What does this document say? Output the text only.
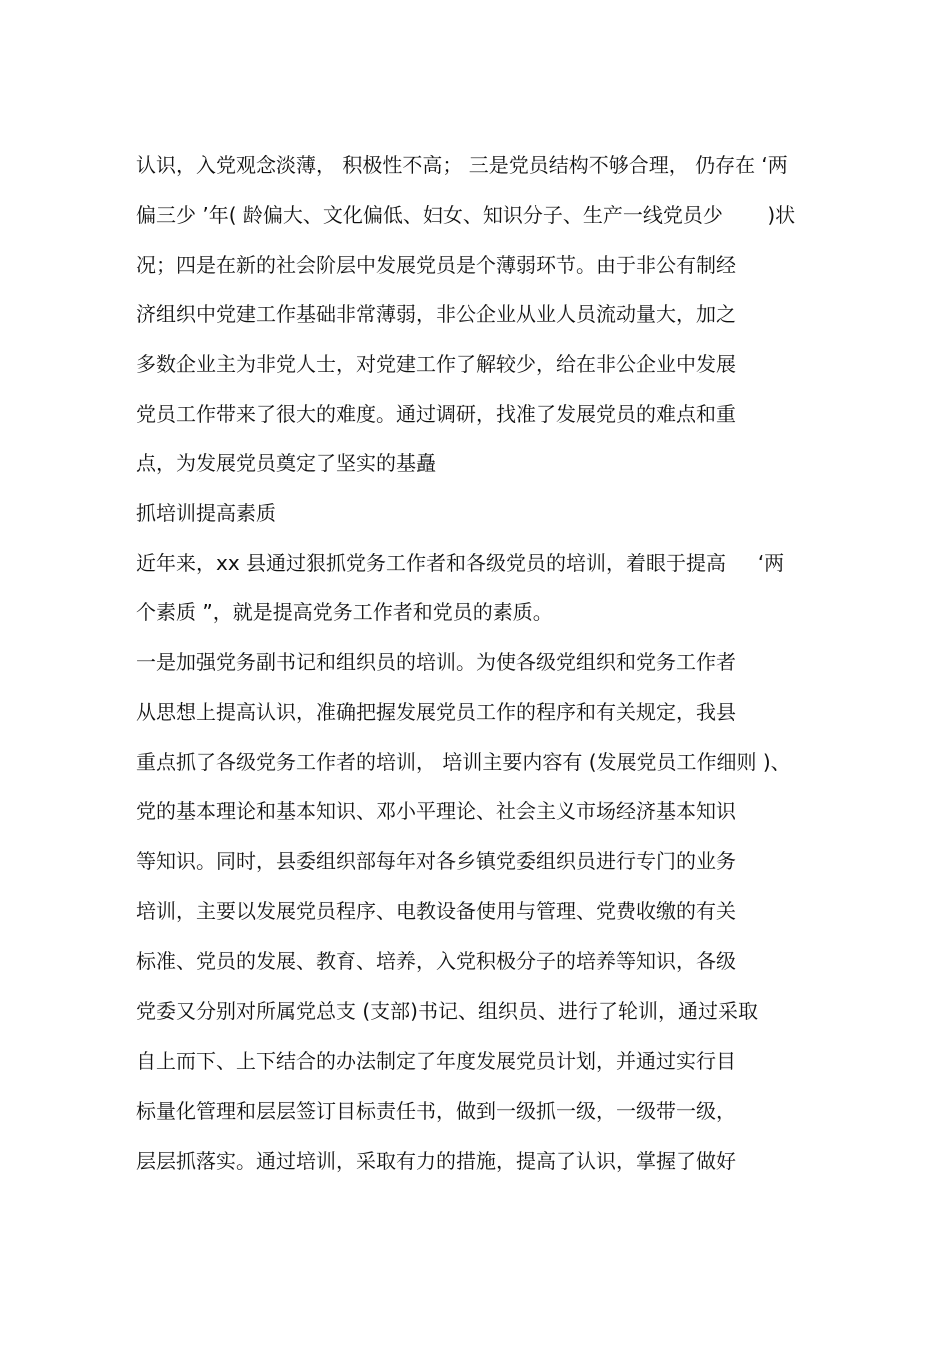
认识，入党观念淡薄， 积极性不高； 三是党员结构不够合理， 仍存在 ‘两
偏三少 ’年( 龄偏大、文化偏低、妇女、知识分子、生产一线党员少       )状
况；四是在新的社会阶层中发展党员是个薄弱环节。由于非公有制经
济组织中党建工作基础非常薄弱，非公企业从业人员流动量大，加之
多数企业主为非党人士，对党建工作了解较少，给在非公企业中发展
党员工作带来了很大的难度。通过调研，找准了发展党员的难点和重
点，为发展党员奠定了坚实的基矗
抓培训提高素质
近年来，xx 县通过狠抓党务工作者和各级党员的培训，着眼于提高     ‘两
个素质 ”，就是提高党务工作者和党员的素质。
一是加强党务副书记和组织员的培训。为使各级党组织和党务工作者
从思想上提高认识，准确把握发展党员工作的程序和有关规定，我县
重点抓了各级党务工作者的培训， 培训主要内容有 (发展党员工作细则 )、
党的基本理论和基本知识、邓小平理论、社会主义市场经济基本知识
等知识。同时，县委组织部每年对各乡镇党委组织员进行专门的业务
培训，主要以发展党员程序、电教设备使用与管理、党费收缴的有关
标准、党员的发展、教育、培养，入党积极分子的培养等知识，各级
党委又分别对所属党总支 (支部)书记、组织员、进行了轮训，通过采取
自上而下、上下结合的办法制定了年度发展党员计划，并通过实行目
标量化管理和层层签订目标责任书，做到一级抓一级，一级带一级，
层层抓落实。通过培训，采取有力的措施，提高了认识，掌握了做好
